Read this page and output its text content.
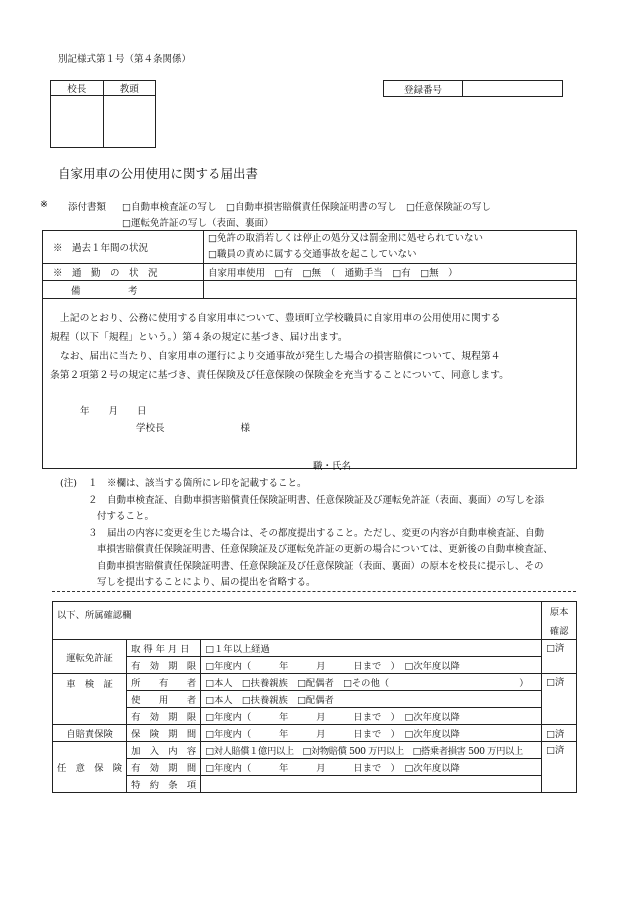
別記様式第１号（第４条関係）
校長	教頭
		登録番号	
自家用車の公用使用に関する届出書
※ 添付書類 □自動車検査証の写し　□自動車損害賠償責任保険証明書の写し　□任意保険証の写し
□運転免許証の写し（表面、裏面）
※　過去１年間の状況	□免許の取消若しくは停止の処分又は罰金刑に処せられていない
□職員の責めに属する交通事故を起こしていない

※　通　勤　の　状　況	自家用車使用　□有　□無　（　通勤手当　□有　□無　）
備　　　　　考	
上記のとおり、公務に使用する自家用車について、豊頃町立学校職員に自家用車の公用使用に関する
規程（以下「規程」という。）第４条の規定に基づき、届け出ます。
なお、届出に当たり、自家用車の運行により交通事故が発生した場合の損害賠償について、規程第４
条第２項第２号の規定に基づき、責任保険及び任意保険の保険金を充当することについて、同意します。
年　　月　　日
学校長　　　　　　　　様
職・氏名
(注) １ ※欄は、該当する箇所にレ印を記載すること。
２ 自動車検査証、自動車損害賠償責任保険証明書、任意保険証及び運転免許証（表面、裏面）の写しを添
付すること。
３ 届出の内容に変更を生じた場合は、その都度提出すること。ただし、変更の内容が自動車検査証、自動
車損害賠償責任保険証明書、任意保険証及び運転免許証の更新の場合については、更新後の自動車検査証、
自動車損害賠償責任保険証明書、任意保険証及び任意保険証（表面、裏面）の原本を校長に提示し、その
写しを提出することにより、届の提出を省略する。
以下、所属確認欄			原本
			確認
運転免許証	取 得 年 月 日	□１年以上経過	□済
	有　効　期　限	□年度内（　　　年　　　月　　　日まで　）　□次年度以降	
車　検　証	所　　有　　者	□本人　□扶養親族　□配偶者　□その他（　　　　　　　　　　　　　　）	□済
	使　　用　　者	□本人　□扶養親族　□配偶者	
	有　効　期　限	□年度内（　　　年　　　月　　　日まで　）　□次年度以降	
自賠責保険	保　険　期　間	□年度内（　　　年　　　月　　　日まで　）　□次年度以降	□済
任　意　保　険	加　入　内　容	□対人賠償１億円以上　□対物賠償 500 万円以上　□搭乗者損害 500 万円以上	□済
	有　効　期　間	□年度内（　　　年　　　月　　　日まで　）　□次年度以降	
	特　約　条　項		
